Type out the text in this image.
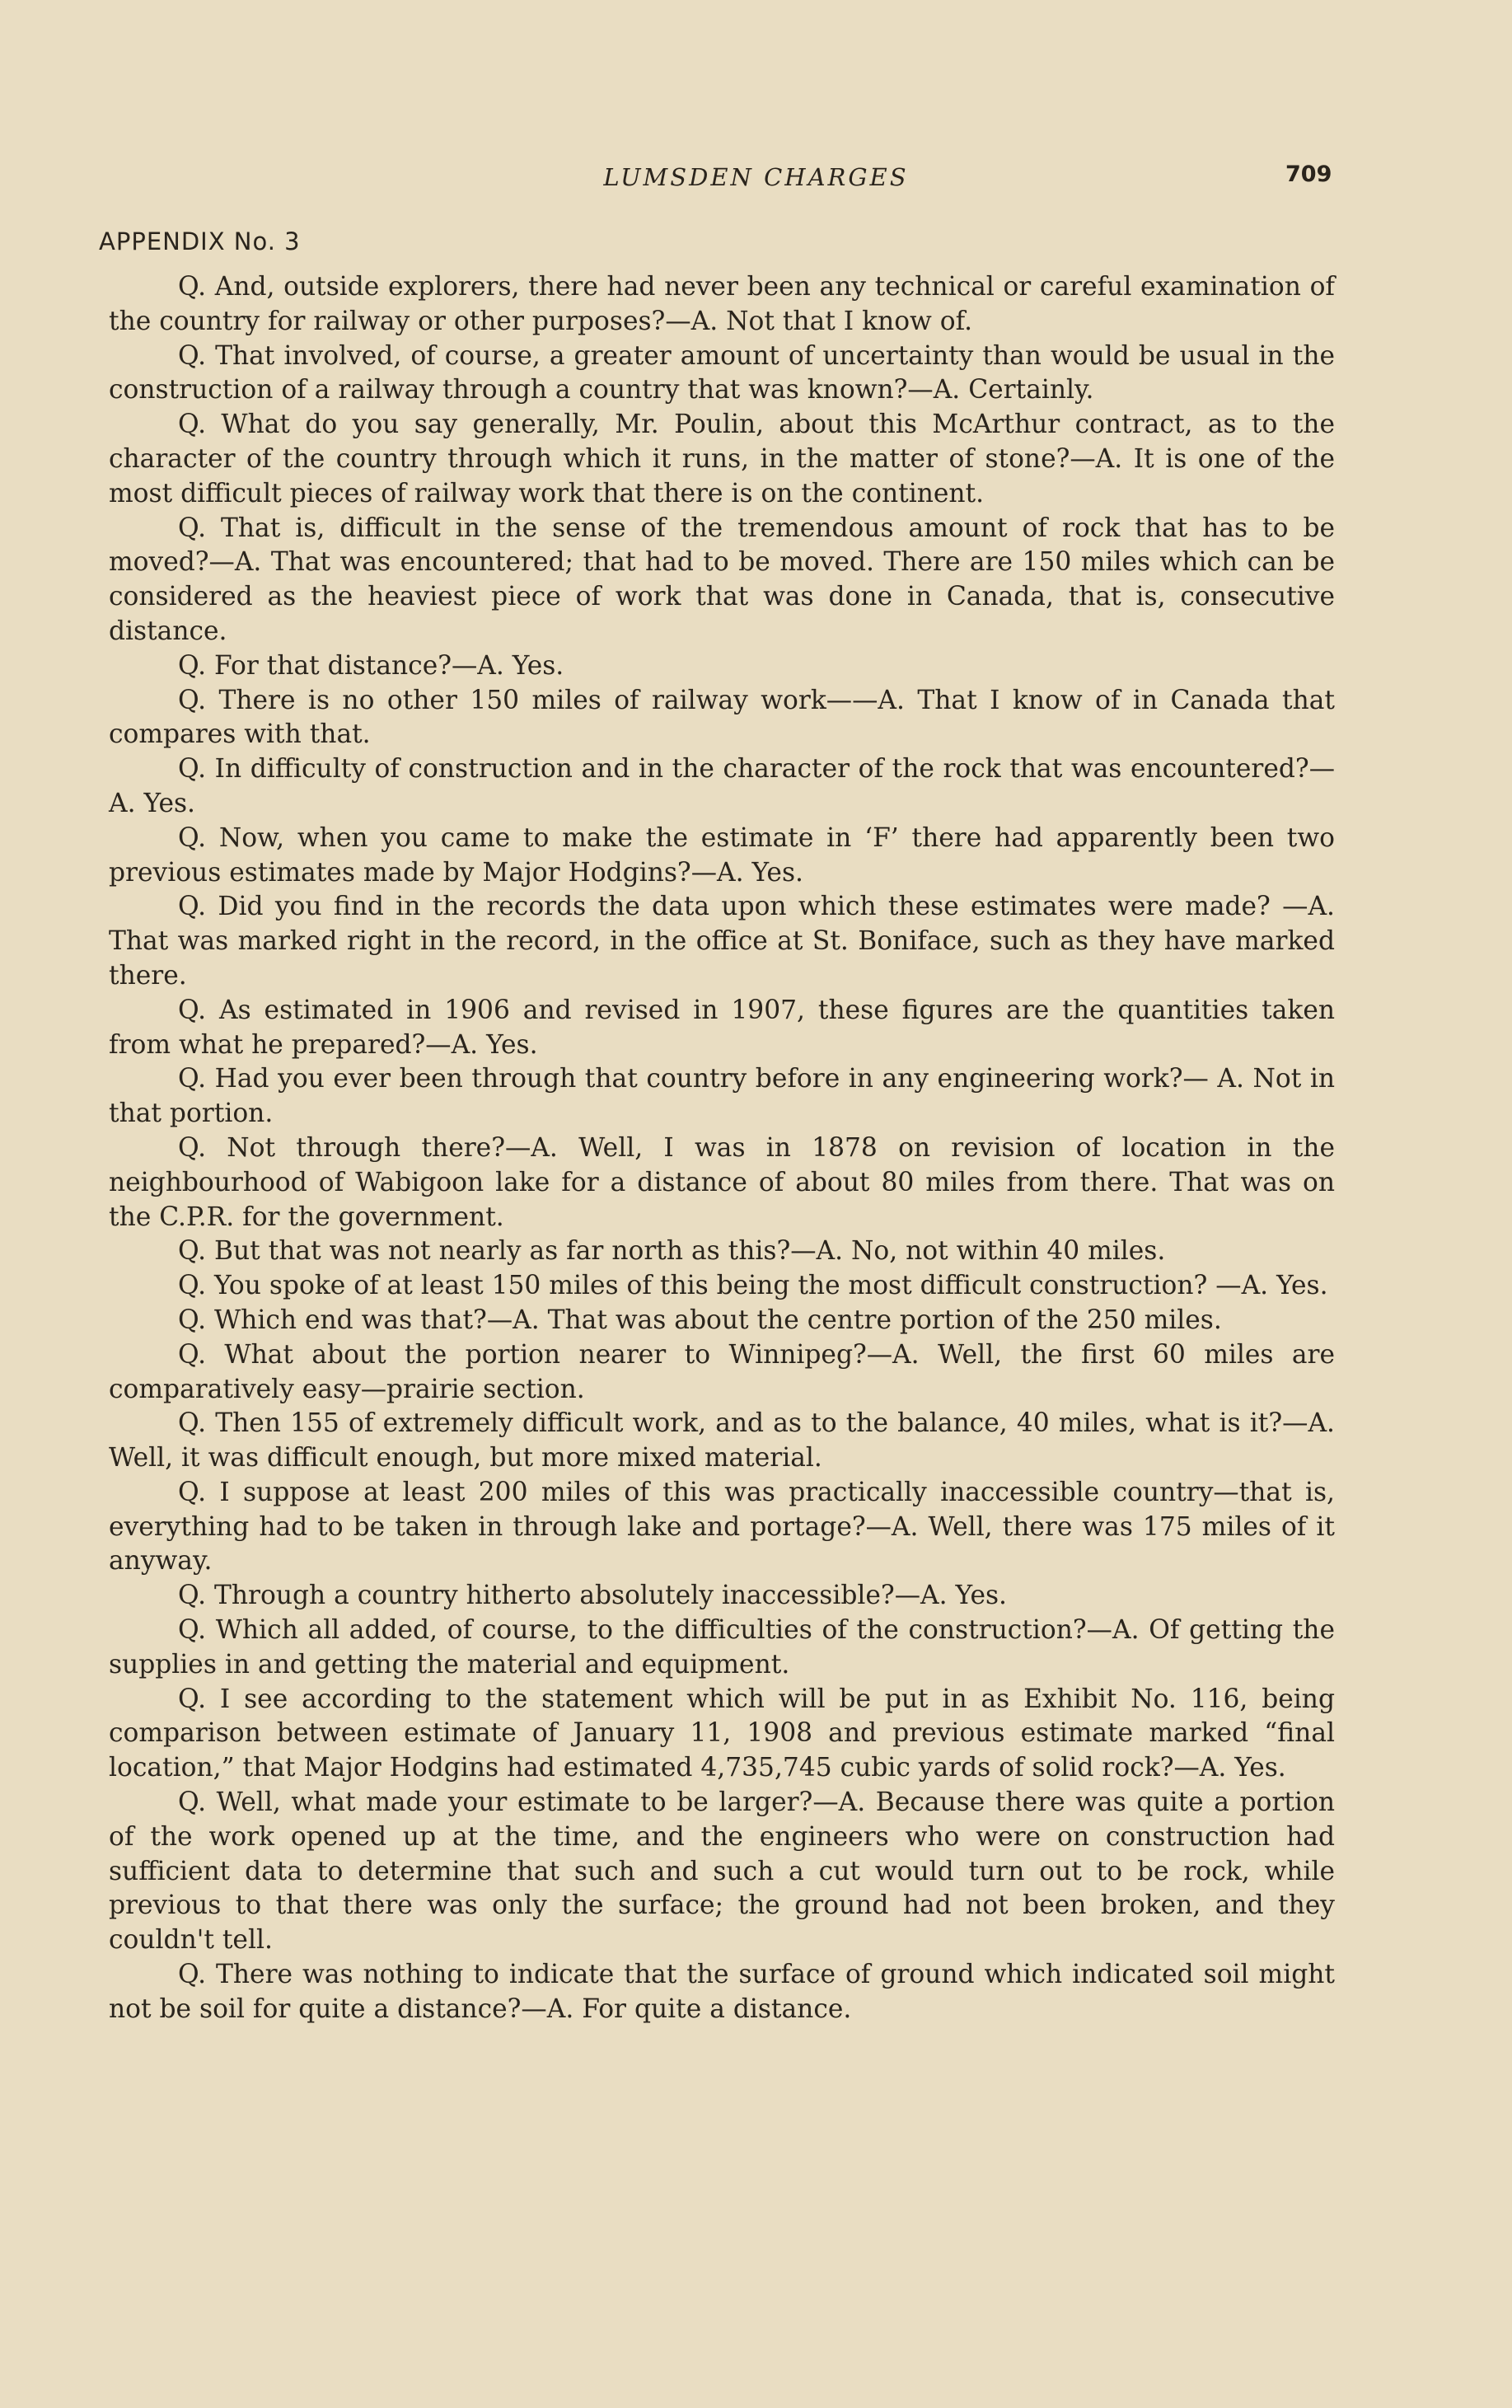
LUMSDEN CHARGES	709
APPENDIX No. 3

Q. And, outside explorers, there had never been any technical or careful examination of the country for railway or other purposes?—A. Not that I know of.

Q. That involved, of course, a greater amount of uncertainty than would be usual in the construction of a railway through a country that was known?—A. Certainly.

Q. What do you say generally, Mr. Poulin, about this McArthur contract, as to the character of the country through which it runs, in the matter of stone?—A. It is one of the most difficult pieces of railway work that there is on the continent.

Q. That is, difficult in the sense of the tremendous amount of rock that has to be moved?—A. That was encountered; that had to be moved. There are 150 miles which can be considered as the heaviest piece of work that was done in Canada, that is, consecutive distance.

Q. For that distance?—A. Yes.

Q. There is no other 150 miles of railway work——A. That I know of in Canada that compares with that.

Q. In difficulty of construction and in the character of the rock that was encountered?—A. Yes.

Q. Now, when you came to make the estimate in ‘F’ there had apparently been two previous estimates made by Major Hodgins?—A. Yes.

Q. Did you find in the records the data upon which these estimates were made? —A. That was marked right in the record, in the office at St. Boniface, such as they have marked there.

Q. As estimated in 1906 and revised in 1907, these figures are the quantities taken from what he prepared?—A. Yes.

Q. Had you ever been through that country before in any engineering work?— A. Not in that portion.

Q. Not through there?—A. Well, I was in 1878 on revision of location in the neighbourhood of Wabigoon lake for a distance of about 80 miles from there. That was on the C.P.R. for the government.

Q. But that was not nearly as far north as this?—A. No, not within 40 miles.

Q. You spoke of at least 150 miles of this being the most difficult construction? —A. Yes.

Q. Which end was that?—A. That was about the centre portion of the 250 miles.

Q. What about the portion nearer to Winnipeg?—A. Well, the first 60 miles are comparatively easy—prairie section.

Q. Then 155 of extremely difficult work, and as to the balance, 40 miles, what is it?—A. Well, it was difficult enough, but more mixed material.

Q. I suppose at least 200 miles of this was practically inaccessible country—that is, everything had to be taken in through lake and portage?—A. Well, there was 175 miles of it anyway.

Q. Through a country hitherto absolutely inaccessible?—A. Yes.

Q. Which all added, of course, to the difficulties of the construction?—A. Of getting the supplies in and getting the material and equipment.

Q. I see according to the statement which will be put in as Exhibit No. 116, being comparison between estimate of January 11, 1908 and previous estimate marked “final location,” that Major Hodgins had estimated 4,735,745 cubic yards of solid rock?—A. Yes.

Q. Well, what made your estimate to be larger?—A. Because there was quite a portion of the work opened up at the time, and the engineers who were on construction had sufficient data to determine that such and such a cut would turn out to be rock, while previous to that there was only the surface; the ground had not been broken, and they couldn't tell.

Q. There was nothing to indicate that the surface of ground which indicated soil might not be soil for quite a distance?—A. For quite a distance.
